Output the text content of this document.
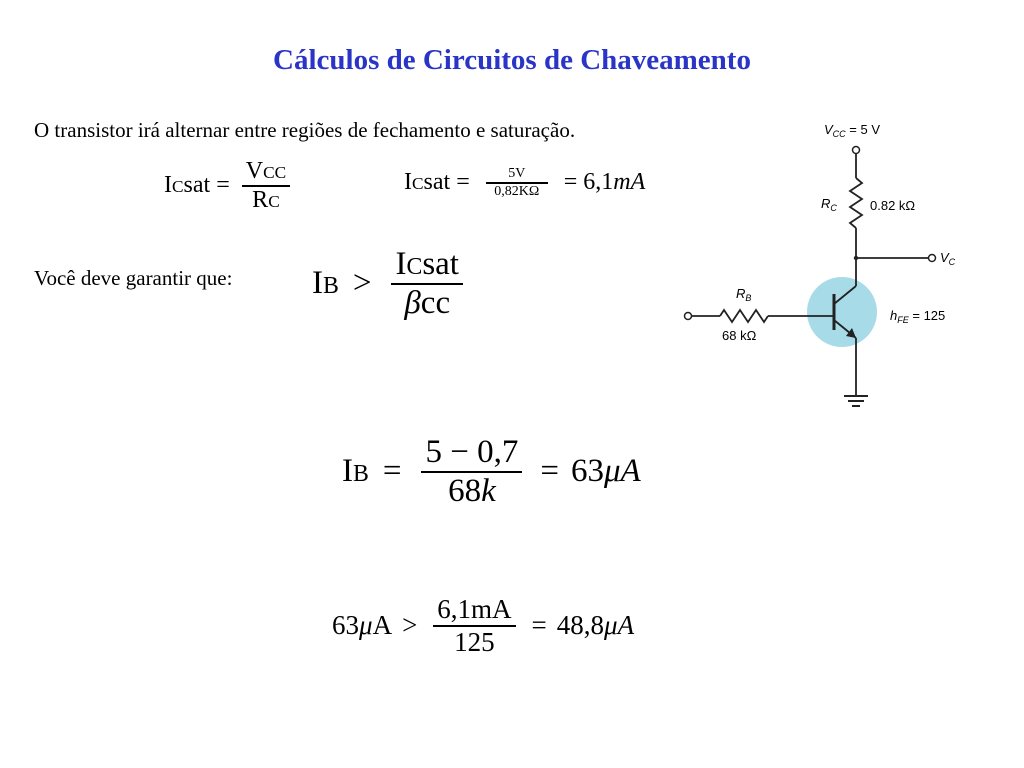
Cálculos de Circuitos de Chaveamento
O transistor irá alternar entre regiões de fechamento e saturação.
ICsat = $\frac{\text{VCC}}{RC}$	ICsat = $\frac{5V}{0,82K\Omega} = 6,1mA$
Você deve garantir que: IB > $\frac{\text{ICsat}}{\text{βcc}}$
IB = $\frac{5 - 0,7}{68k} = 63\mu A$
$63\mu A > \frac{6,1mA}{125} = 48,8\mu A$
$V_{CC} = 5$ V
$R_C$	0.82 kΩ
$V_C$
$R_B$
68 kΩ
$h_{FE} = 125$
